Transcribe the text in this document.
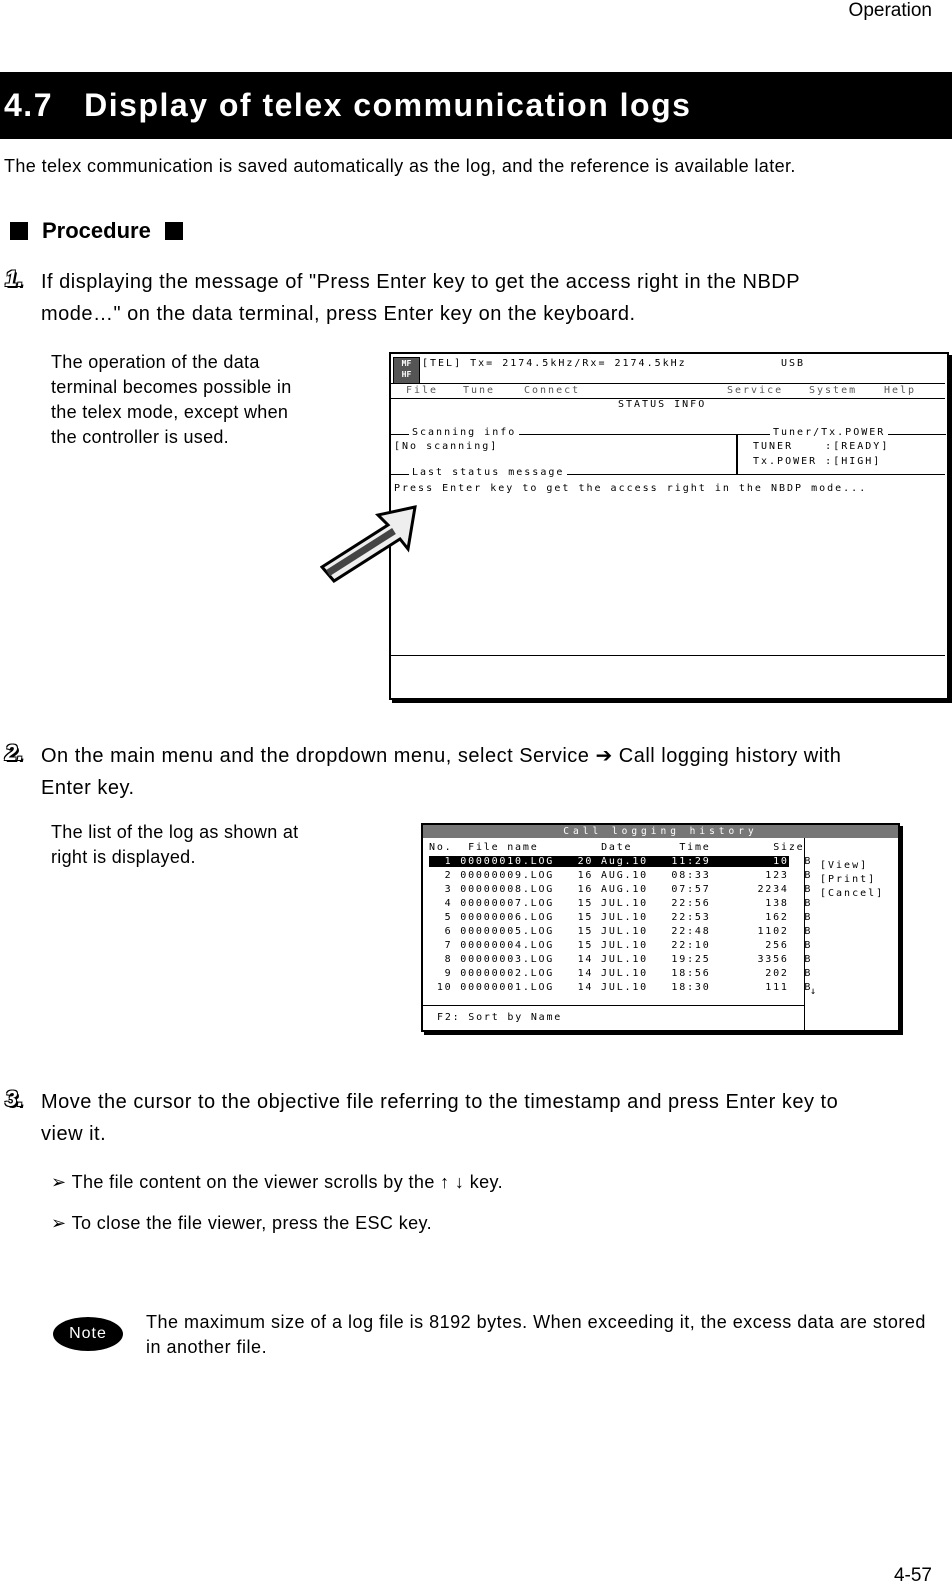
Operation
4.7   Display of telex communication logs
The telex communication is saved automatically as the log, and the reference is available later.
Procedure
1. If displaying the message of "Press Enter key to get the access right in the NBDP
mode…" on the data terminal, press Enter key on the keyboard.
The operation of the data
terminal becomes possible in
the telex mode, except when
the controller is used.
MF
HF
[TEL] Tx= 2174.5kHz/Rx= 2174.5kHz	USB
File Tune	Connect	Service	System	Help
STATUS INFO
Scanning info
[No scanning]
Tuner/Tx.POWER
TUNER    :[READY]
Tx.POWER :[HIGH]
Last status message
Press Enter key to get the access right in the NBDP mode...
2. On the main menu and the dropdown menu, select Service ➔ Call logging history with
Enter key.
The list of the log as shown at
right is displayed.
Call logging history
No. File name	Date	Time	Size
1 00000010.LOG   20 Aug.10   11:29        10  B
2 00000009.LOG   16 AUG.10   08:33       123  B
3 00000008.LOG   16 AUG.10   07:57      2234  B
4 00000007.LOG   15 JUL.10   22:56       138  B
5 00000006.LOG   15 JUL.10   22:53       162  B
6 00000005.LOG   15 JUL.10   22:48      1102  B
7 00000004.LOG   15 JUL.10   22:10       256  B
8 00000003.LOG   14 JUL.10   19:25      3356  B
9 00000002.LOG   14 JUL.10   18:56       202  B
10 00000001.LOG   14 JUL.10   18:30       111  B
[View]
[Print]
[Cancel]
↓
F2: Sort by Name
3. Move the cursor to the objective file referring to the timestamp and press Enter key to
view it.
➢ The file content on the viewer scrolls by the ↑ ↓ key.
➢ To close the file viewer, press the ESC key.
Note
The maximum size of a log file is 8192 bytes. When exceeding it, the excess data are stored in another file.
4-57
